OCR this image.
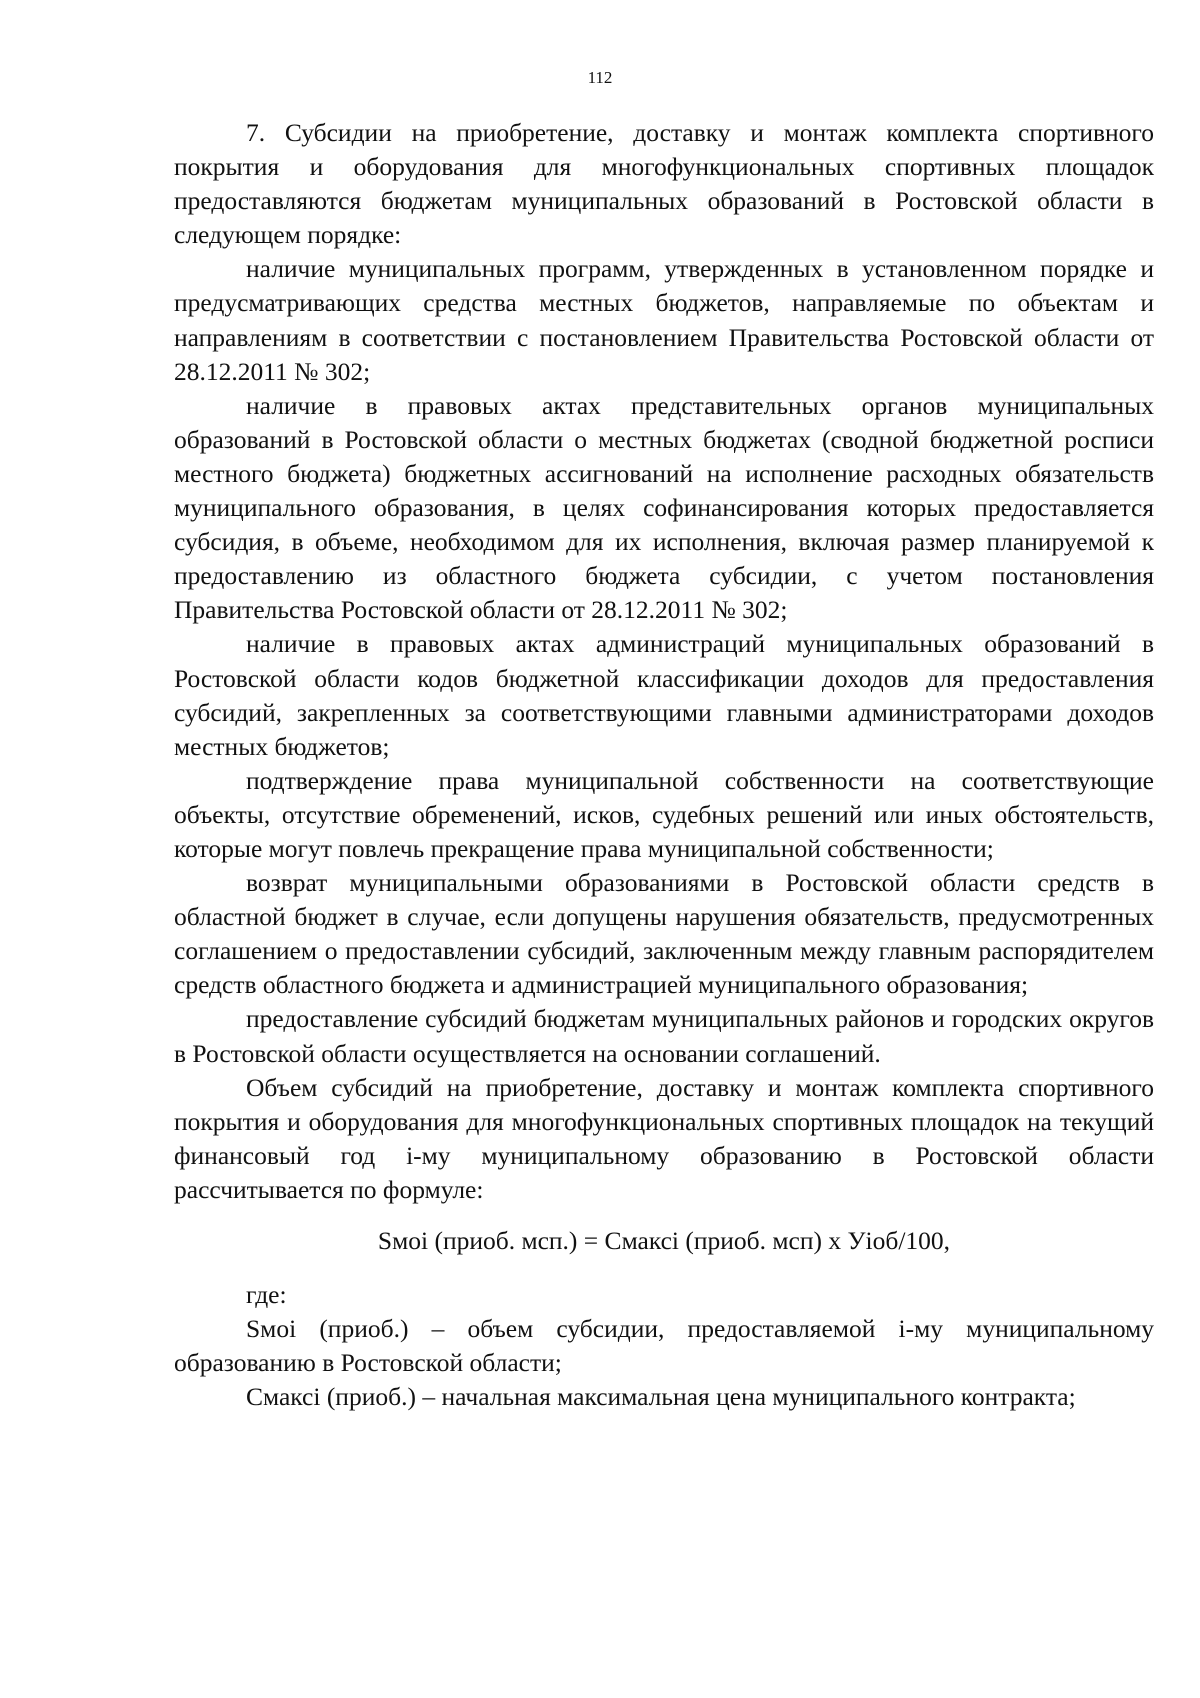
112

7. Субсидии на приобретение, доставку и монтаж комплекта спортивного покрытия и оборудования для многофункциональных спортивных площадок предоставляются бюджетам муниципальных образований в Ростовской области в следующем порядке:

наличие муниципальных программ, утвержденных в установленном порядке и предусматривающих средства местных бюджетов, направляемые по объектам и направлениям в соответствии с постановлением Правительства Ростовской области от 28.12.2011 № 302;

наличие в правовых актах представительных органов муниципальных образований в Ростовской области о местных бюджетах (сводной бюджетной росписи местного бюджета) бюджетных ассигнований на исполнение расходных обязательств муниципального образования, в целях софинансирования которых предоставляется субсидия, в объеме, необходимом для их исполнения, включая размер планируемой к предоставлению из областного бюджета субсидии, с учетом постановления Правительства Ростовской области от 28.12.2011 № 302;

наличие в правовых актах администраций муниципальных образований в Ростовской области кодов бюджетной классификации доходов для предоставления субсидий, закрепленных за соответствующими главными администраторами доходов местных бюджетов;

подтверждение права муниципальной собственности на соответствующие объекты, отсутствие обременений, исков, судебных решений или иных обстоятельств, которые могут повлечь прекращение права муниципальной собственности;

возврат муниципальными образованиями в Ростовской области средств в областной бюджет в случае, если допущены нарушения обязательств, предусмотренных соглашением о предоставлении субсидий, заключенным между главным распорядителем средств областного бюджета и администрацией муниципального образования;

предоставление субсидий бюджетам муниципальных районов и городских округов в Ростовской области осуществляется на основании соглашений.

Объем субсидий на приобретение, доставку и монтаж комплекта спортивного покрытия и оборудования для многофункциональных спортивных площадок на текущий финансовый год i-му муниципальному образованию в Ростовской области рассчитывается по формуле:

Sмоi (приоб. мсп.) = Смаксi (приоб. мсп) x Уiоб/100,

где:

Sмоi (приоб.) – объем субсидии, предоставляемой i-му муниципальному образованию в Ростовской области;

Смаксi (приоб.) – начальная максимальная цена муниципального контракта;
